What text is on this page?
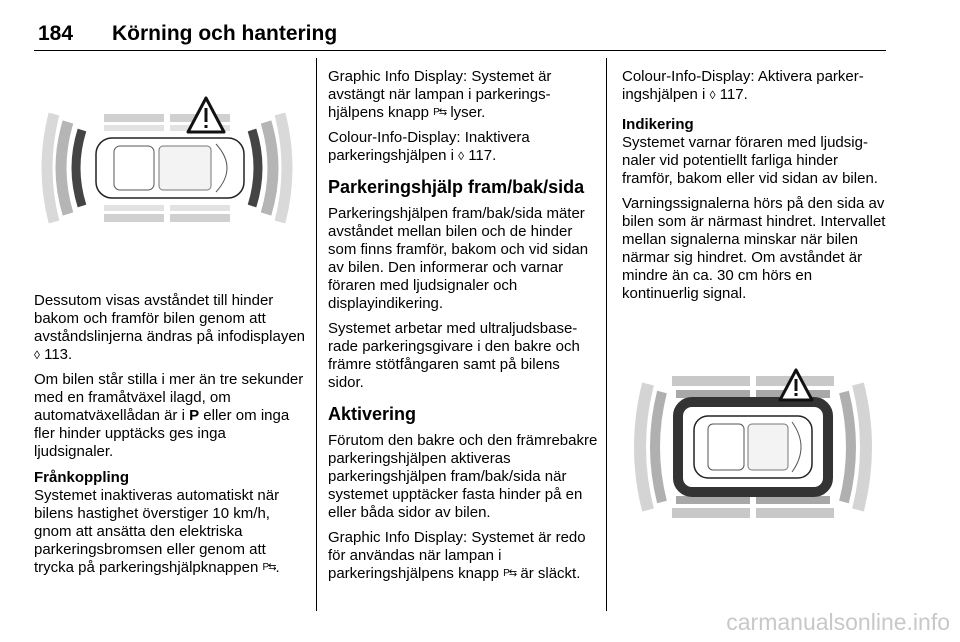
184 Körning och hantering

Dessutom visas avståndet till hinder bakom och framför bilen genom att avståndslinjerna ändras på infodisplayen ◊ 113.

Om bilen står stilla i mer än tre sekunder med en framåtväxel ilagd, om automatväxellådan är i P eller om inga fler hinder upptäcks ges inga ljudsignaler.

Frånkoppling

Systemet inaktiveras automatiskt när bilens hastighet överstiger 10 km/h, gnom att ansätta den elektriska parkeringsbromsen eller genom att trycka på parkeringshjälpknappen P⇆.

Graphic Info Display: Systemet är avstängt när lampan i parkeringshjälpens knapp P⇆ lyser.

Colour-Info-Display: Inaktivera parkeringshjälpen i ◊ 117.

Parkeringshjälp fram/bak/sida

Parkeringshjälpen fram/bak/sida mäter avståndet mellan bilen och de hinder som finns framför, bakom och vid sidan av bilen. Den informerar och varnar föraren med ljudsignaler och displayindikering.

Systemet arbetar med ultraljudsbaserade parkeringsgivare i den bakre och främre stötfångaren samt på bilens sidor.

Aktivering

Förutom den bakre och den främrebakre parkeringshjälpen aktiveras parkeringshjälpen fram/bak/sida när systemet upptäcker fasta hinder på en eller båda sidor av bilen.

Graphic Info Display: Systemet är redo för användas när lampan i parkeringshjälpens knapp P⇆ är släckt.

Colour-Info-Display: Aktivera parkeringshjälpen i ◊ 117.

Indikering

Systemet varnar föraren med ljudsignaler vid potentiellt farliga hinder framför, bakom eller vid sidan av bilen.

Varningssignalerna hörs på den sida av bilen som är närmast hindret. Intervallet mellan signalerna minskar när bilen närmar sig hindret. Om avståndet är mindre än ca. 30 cm hörs en kontinuerlig signal.

carmanualsonline.info
